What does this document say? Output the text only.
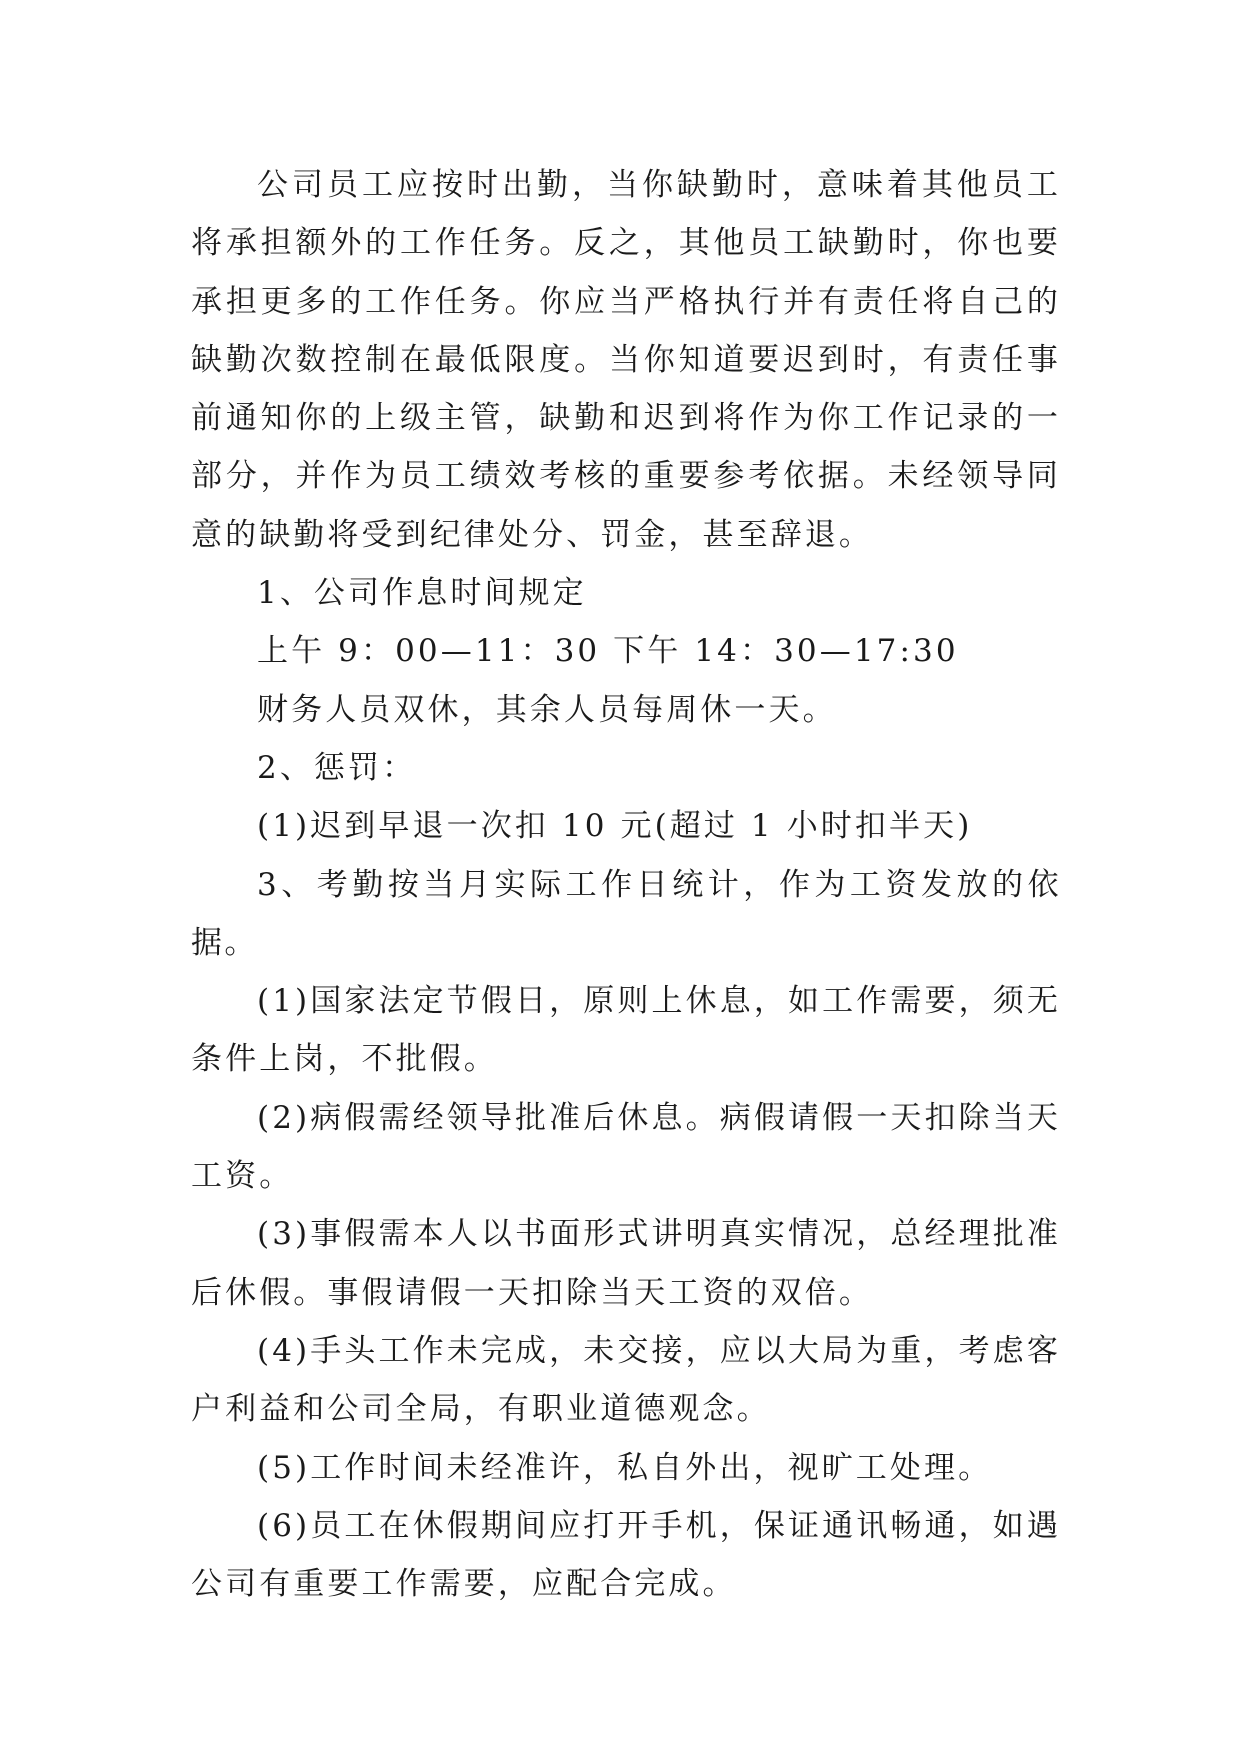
公司员工应按时出勤，当你缺勤时，意味着其他员工将承担额外的工作任务。反之，其他员工缺勤时，你也要承担更多的工作任务。你应当严格执行并有责任将自己的缺勤次数控制在最低限度。当你知道要迟到时，有责任事前通知你的上级主管，缺勤和迟到将作为你工作记录的一部分，并作为员工绩效考核的重要参考依据。未经领导同意的缺勤将受到纪律处分、罚金，甚至辞退。

1、公司作息时间规定

上午 9：00—11：30 下午 14：30—17:30

财务人员双休，其余人员每周休一天。

2、惩罚：

(1)迟到早退一次扣 10 元(超过 1 小时扣半天)

3、考勤按当月实际工作日统计，作为工资发放的依据。

(1)国家法定节假日，原则上休息，如工作需要，须无条件上岗，不批假。

(2)病假需经领导批准后休息。病假请假一天扣除当天工资。

(3)事假需本人以书面形式讲明真实情况，总经理批准后休假。事假请假一天扣除当天工资的双倍。

(4)手头工作未完成，未交接，应以大局为重，考虑客户利益和公司全局，有职业道德观念。

(5)工作时间未经准许，私自外出，视旷工处理。

(6)员工在休假期间应打开手机，保证通讯畅通，如遇公司有重要工作需要，应配合完成。
